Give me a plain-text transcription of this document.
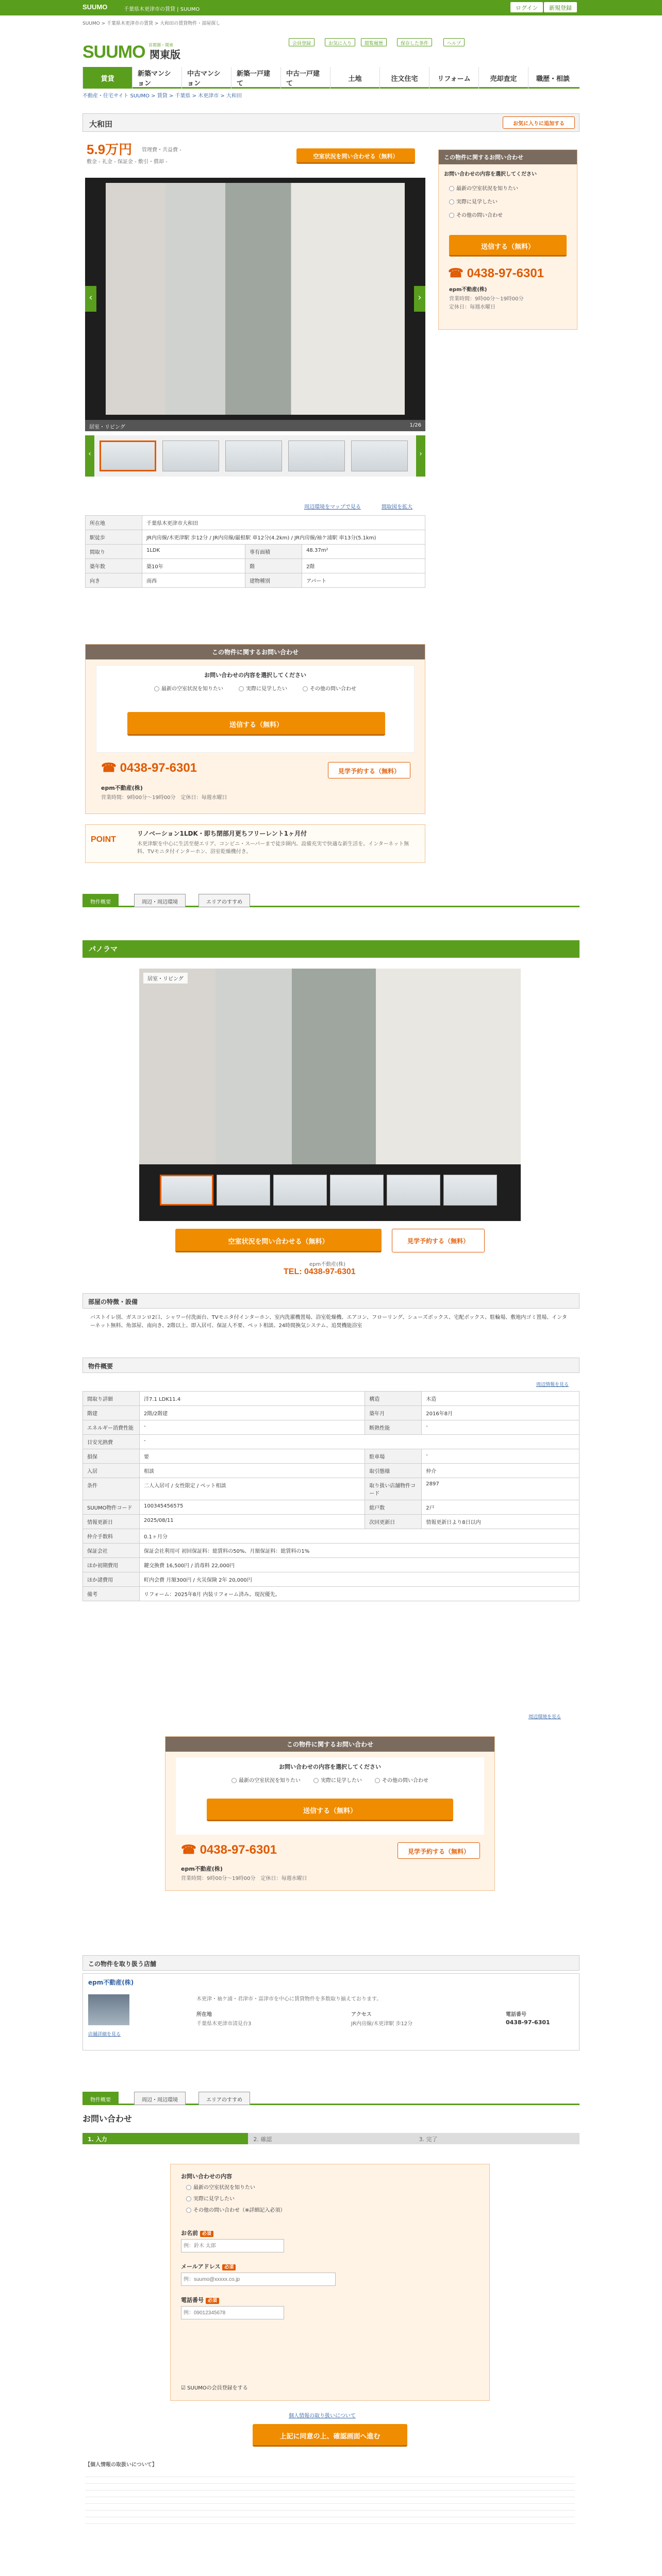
SUUMO	千葉県木更津市の賃貸 | SUUMO	ログイン	新規登録
SUUMO > 千葉県木更津市の賃貸 > 大和田の賃貸物件・部屋探し
SUUMO 首都圏・関東
関東版
会員登録	お気に入り	閲覧履歴	保存した条件	ヘルプ
賃貸
新築マンション
中古マンション
新築一戸建て
中古一戸建て
土地	注文住宅	リフォーム	売却査定	職歴・相談
不動産・住宅サイト SUUMO > 賃貸 > 千葉県 > 木更津市 > 大和田
大和田	お気に入りに追加する
5.9万円 管理費・共益費 -
敷金 - 礼金 - 保証金 - 敷引・償却 -
空室状況を問い合わせる（無料）
‹	›
居室・リビング	1/26
‹	›
周辺環境をマップで見る	間取図を拡大
所在地	千葉県木更津市大和田		
駅徒歩	JR内房線/木更津駅 歩12分 / JR内房線/巌根駅 車12分(4.2km) / JR内房線/袖ケ浦駅 車13分(5.1km)		
間取り	1LDK	専有面積	48.37m²
築年数	築10年	階	2階
向き	南西	建物種別	アパート
この物件に関するお問い合わせ
お問い合わせの内容を選択してください
最新の空室状況を知りたい	実際に見学したい	その他の問い合わせ
送信する（無料）
☎ 0438-97-6301	見学予約する（無料）
epm不動産(株)
営業時間：9時00分〜19時00分　定休日：毎週水曜日
POINT
リノベーション1LDK・即ち閉部月更ちフリーレント1ヶ月付
木更津駅を中心に生活至便エリア、コンビニ・スーパーまで徒歩圏内。設備充実で快適な新生活を。インターネット無料、TVモニタ付インターホン、浴室乾燥機付き。
この物件に関するお問い合わせ
お問い合わせの内容を選択してください
最新の空室状況を知りたい
実際に見学したい
その他の問い合わせ
送信する（無料）
☎ 0438-97-6301
epm不動産(株)
営業時間：9時00分〜19時00分
定休日：毎週水曜日
物件概要	周辺・周辺環境	エリアのすすめ
パノラマ
居室・リビング
空室状況を問い合わせる（無料）	見学予約する（無料）
epm不動産(株)
TEL: 0438-97-6301
部屋の特徴・設備
バストイレ別、ガスコンロ2口、シャワー付洗面台、TVモニタ付インターホン、室内洗濯機置場、浴室乾燥機、エアコン、フローリング、シューズボックス、宅配ボックス、駐輪場、敷地内ゴミ置場、インターネット無料、角部屋、南向き、2階以上、即入居可、保証人不要、ペット相談、24時間換気システム、追焚機能浴室
物件概要
周辺情報を見る
間取り詳細	洋7.1 LDK11.4	構造	木造
階建	2階/2階建	築年月	2016年8月
エネルギー消費性能	-	断熱性能	-
目安光熱費	-		
損保	要	駐車場	-
入居	相談	取引態様	仲介
条件	二人入居可 / 女性限定 / ペット相談	取り扱い店舗物件コード	2897
SUUMO物件コード	100345456575	総戸数	2戸
情報更新日	2025/08/11	次回更新日	情報更新日より8日以内
仲介手数料	0.1ヶ月分		
保証会社	保証会社利用可 初回保証料：総賃料の50%、月額保証料：総賃料の1%		
ほか初期費用	鍵交換費 16,500円 / 消毒料 22,000円		
ほか諸費用	町内会費 月額300円 / 火災保険 2年 20,000円		
備考	リフォーム：2025年8月 内装リフォーム済み。現況優先。		
周辺環境を見る
この物件に関するお問い合わせ
お問い合わせの内容を選択してください
最新の空室状況を知りたい	実際に見学したい	その他の問い合わせ
送信する（無料）
☎ 0438-97-6301	見学予約する（無料）
epm不動産(株)
営業時間：9時00分〜19時00分　定休日：毎週水曜日
この物件を取り扱う店舗
epm不動産(株)
店舗詳細を見る
木更津・袖ケ浦・君津市・富津市を中心に賃貸物件を多数取り揃えております。
所在地
千葉県木更津市清見台3
アクセス
JR内房線/木更津駅 歩12分
電話番号
0438-97-6301
物件概要	周辺・周辺環境	エリアのすすめ
お問い合わせ
1. 入力	2. 確認	3. 完了
お問い合わせの内容
最新の空室状況を知りたい
実際に見学したい
その他の問い合わせ（※詳細記入必須）
お名前 必須
例：鈴木 太郎
メールアドレス 必須
例：suumo@xxxxx.co.jp
電話番号 必須
例：09012345678
☑ SUUMOの会員登録をする
個人情報の取り扱いについて
上記に同意の上、確認画面へ進む
【個人情報の取扱いについて】
